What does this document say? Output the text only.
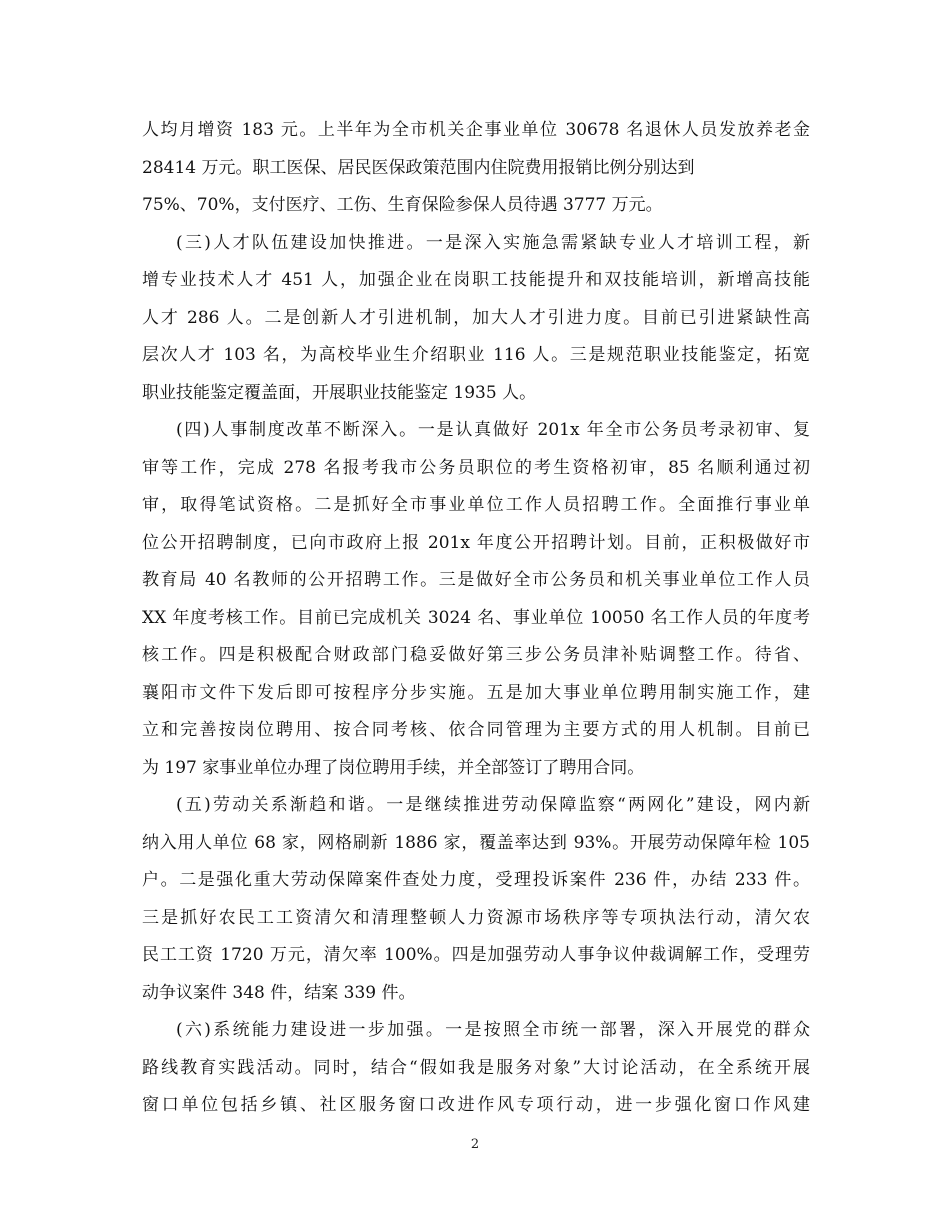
人均月增资 183 元。上半年为全市机关企事业单位 30678 名退休人员发放养老金
28414 万元。职工医保、居民医保政策范围内住院费用报销比例分别达到
75%、70%，支付医疗、工伤、生育保险参保人员待遇 3777 万元。
(三)人才队伍建设加快推进。一是深入实施急需紧缺专业人才培训工程，新
增专业技术人才 451 人，加强企业在岗职工技能提升和双技能培训，新增高技能
人才 286 人。二是创新人才引进机制，加大人才引进力度。目前已引进紧缺性高
层次人才 103 名，为高校毕业生介绍职业 116 人。三是规范职业技能鉴定，拓宽
职业技能鉴定覆盖面，开展职业技能鉴定 1935 人。
(四)人事制度改革不断深入。一是认真做好 201x 年全市公务员考录初审、复
审等工作，完成 278 名报考我市公务员职位的考生资格初审，85 名顺利通过初
审，取得笔试资格。二是抓好全市事业单位工作人员招聘工作。全面推行事业单
位公开招聘制度，已向市政府上报 201x 年度公开招聘计划。目前，正积极做好市
教育局 40 名教师的公开招聘工作。三是做好全市公务员和机关事业单位工作人员
XX 年度考核工作。目前已完成机关 3024 名、事业单位 10050 名工作人员的年度考
核工作。四是积极配合财政部门稳妥做好第三步公务员津补贴调整工作。待省、
襄阳市文件下发后即可按程序分步实施。五是加大事业单位聘用制实施工作，建
立和完善按岗位聘用、按合同考核、依合同管理为主要方式的用人机制。目前已
为 197 家事业单位办理了岗位聘用手续，并全部签订了聘用合同。
(五)劳动关系渐趋和谐。一是继续推进劳动保障监察“两网化”建设，网内新
纳入用人单位 68 家，网格刷新 1886 家，覆盖率达到 93%。开展劳动保障年检 105
户。二是强化重大劳动保障案件查处力度，受理投诉案件 236 件，办结 233 件。
三是抓好农民工工资清欠和清理整顿人力资源市场秩序等专项执法行动，清欠农
民工工资 1720 万元，清欠率 100%。四是加强劳动人事争议仲裁调解工作，受理劳
动争议案件 348 件，结案 339 件。
(六)系统能力建设进一步加强。一是按照全市统一部署，深入开展党的群众
路线教育实践活动。同时，结合“假如我是服务对象”大讨论活动，在全系统开展
窗口单位包括乡镇、社区服务窗口改进作风专项行动，进一步强化窗口作风建
2
